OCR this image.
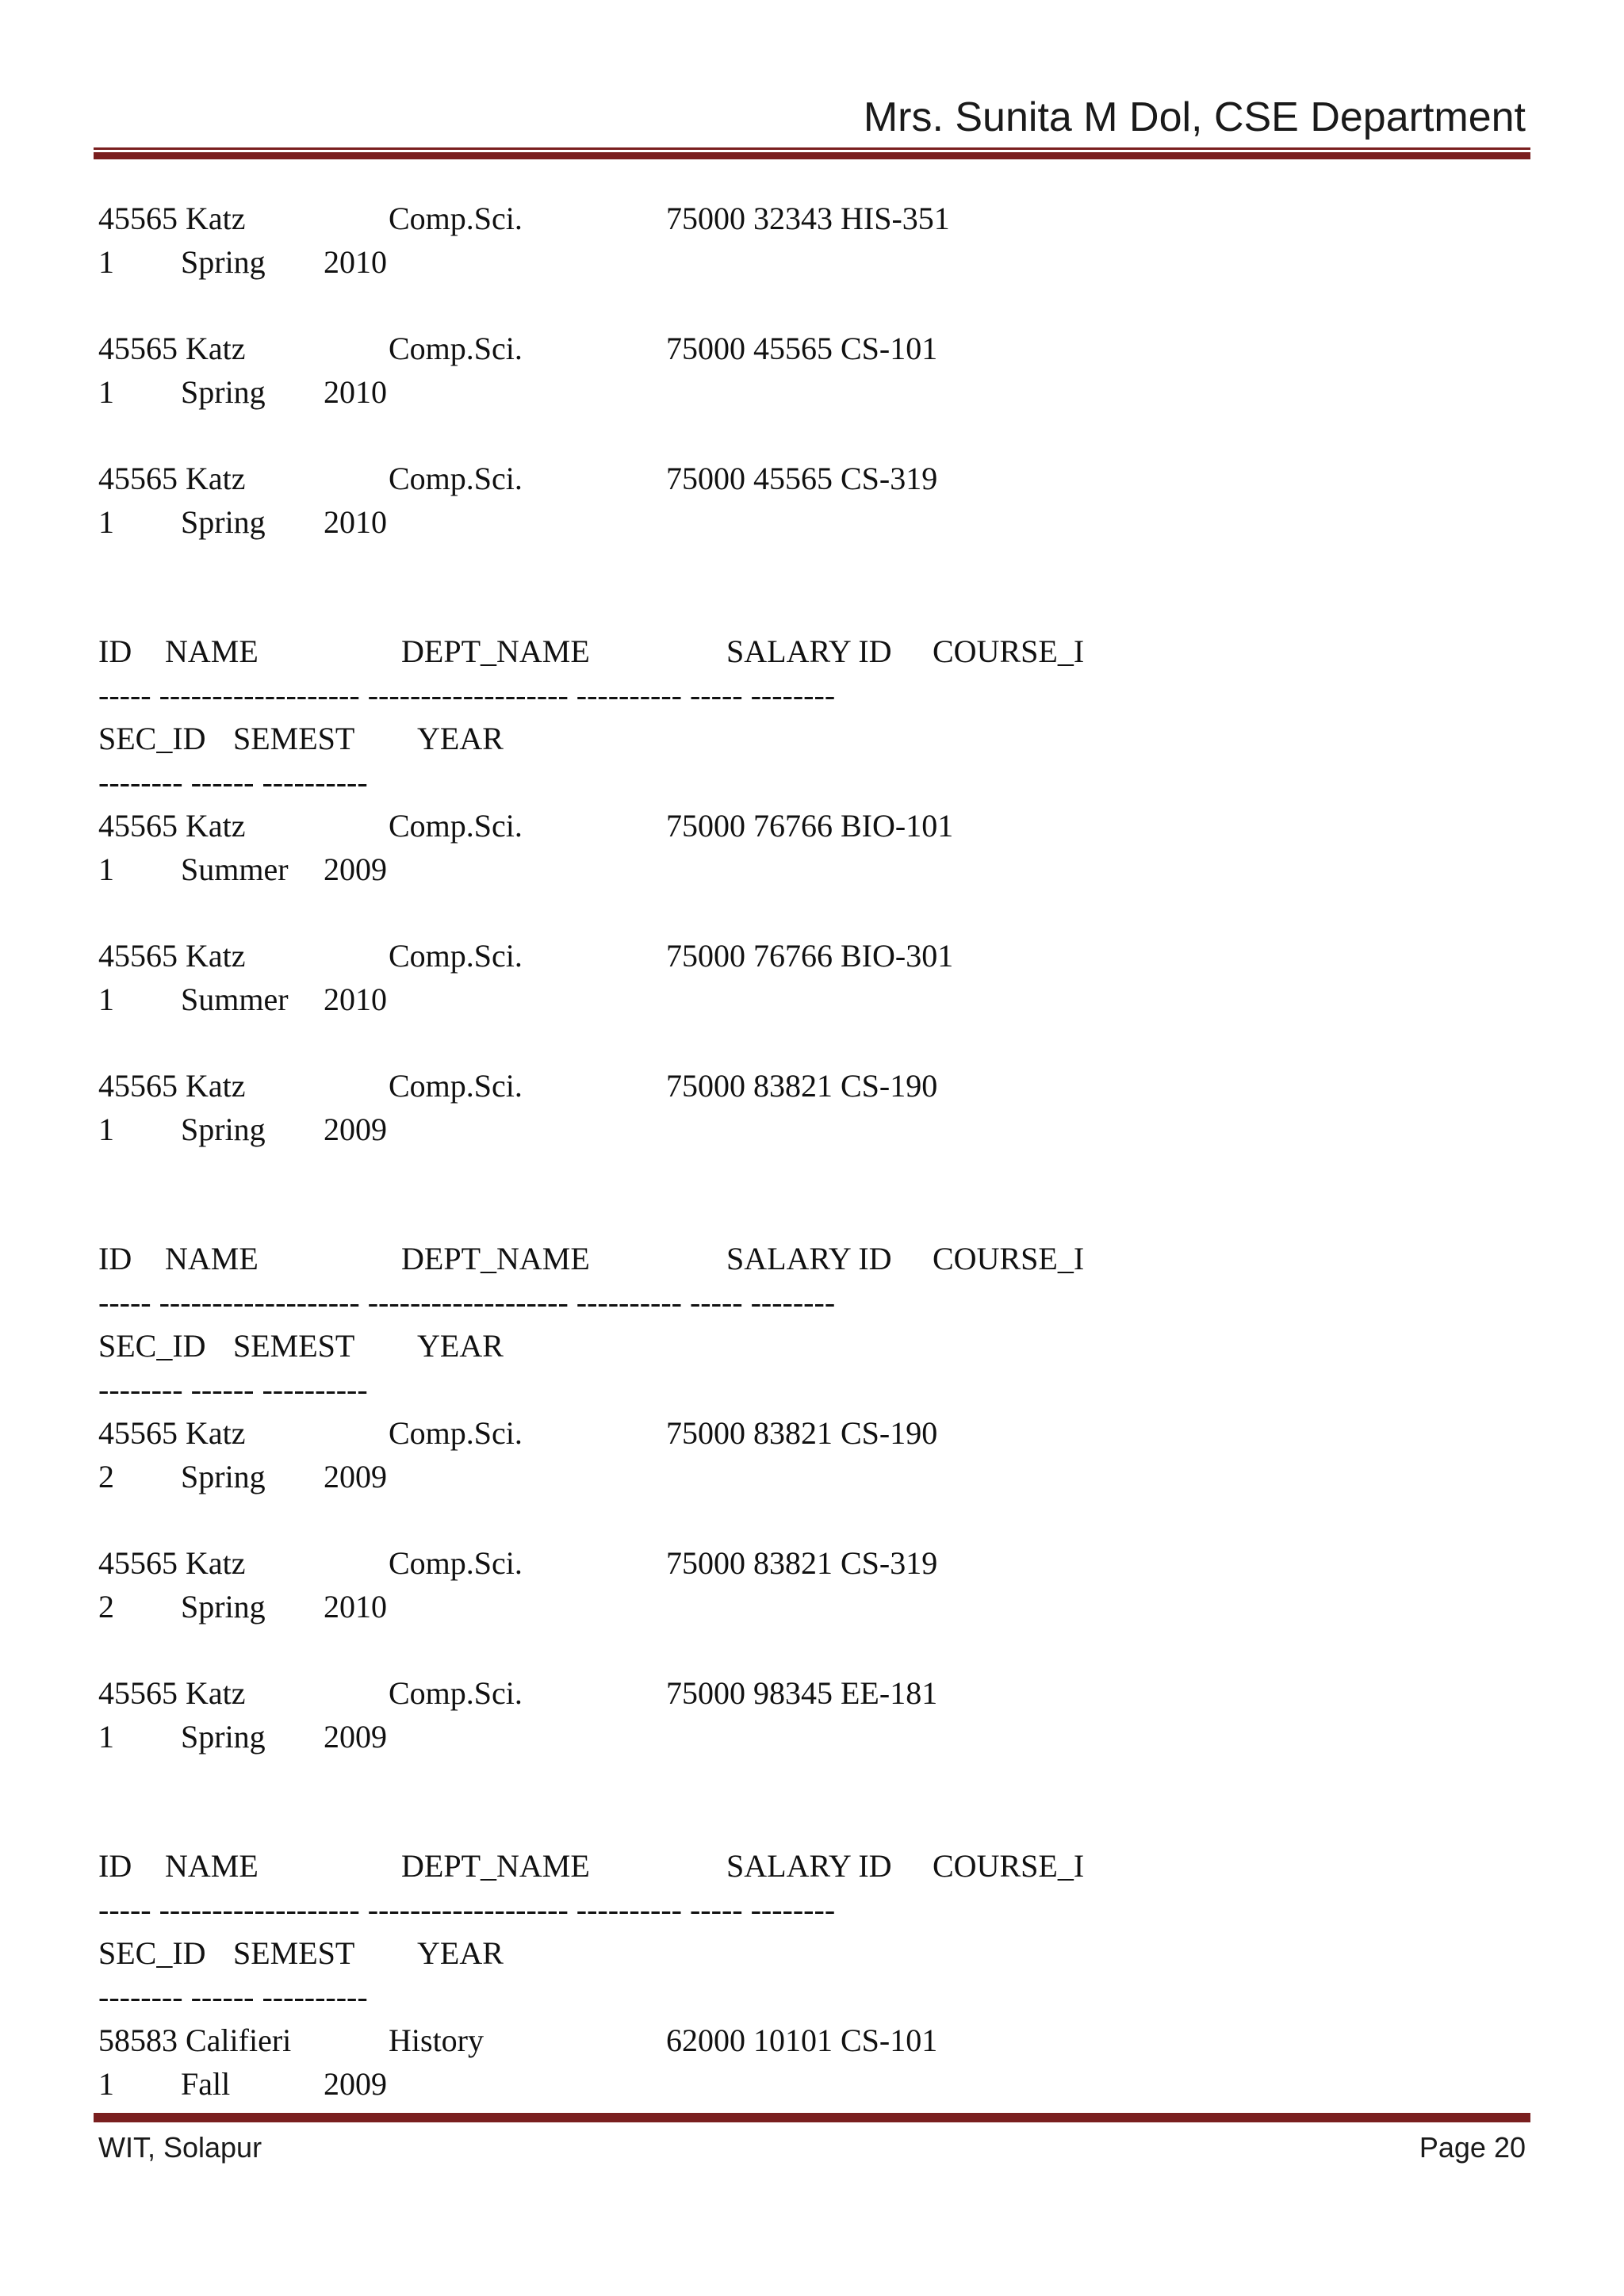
Mrs. Sunita M Dol, CSE Department
45565 Katz	Comp.Sci.	75000 32343 HIS-351
1 Spring 2010
45565 Katz	Comp.Sci.	75000 45565 CS-101
1 Spring 2010
45565 Katz	Comp.Sci.	75000 45565 CS-319
1 Spring 2010
ID NAME	DEPT_NAME	SALARY ID COURSE_I
----- ------------------- ------------------- ---------- ----- --------
SEC_ID SEMEST YEAR
-------- ------ ----------
45565 Katz	Comp.Sci.	75000 76766 BIO-101
1 Summer 2009
45565 Katz	Comp.Sci.	75000 76766 BIO-301
1 Summer 2010
45565 Katz	Comp.Sci.	75000 83821 CS-190
1 Spring 2009
ID NAME	DEPT_NAME	SALARY ID COURSE_I
----- ------------------- ------------------- ---------- ----- --------
SEC_ID SEMEST YEAR
-------- ------ ----------
45565 Katz	Comp.Sci.	75000 83821 CS-190
2 Spring 2009
45565 Katz	Comp.Sci.	75000 83821 CS-319
2 Spring 2010
45565 Katz	Comp.Sci.	75000 98345 EE-181
1 Spring 2009
ID NAME	DEPT_NAME	SALARY ID COURSE_I
----- ------------------- ------------------- ---------- ----- --------
SEC_ID SEMEST YEAR
-------- ------ ----------
58583 Califieri	History	62000 10101 CS-101
1 Fall	2009
WIT, Solapur	Page 20
